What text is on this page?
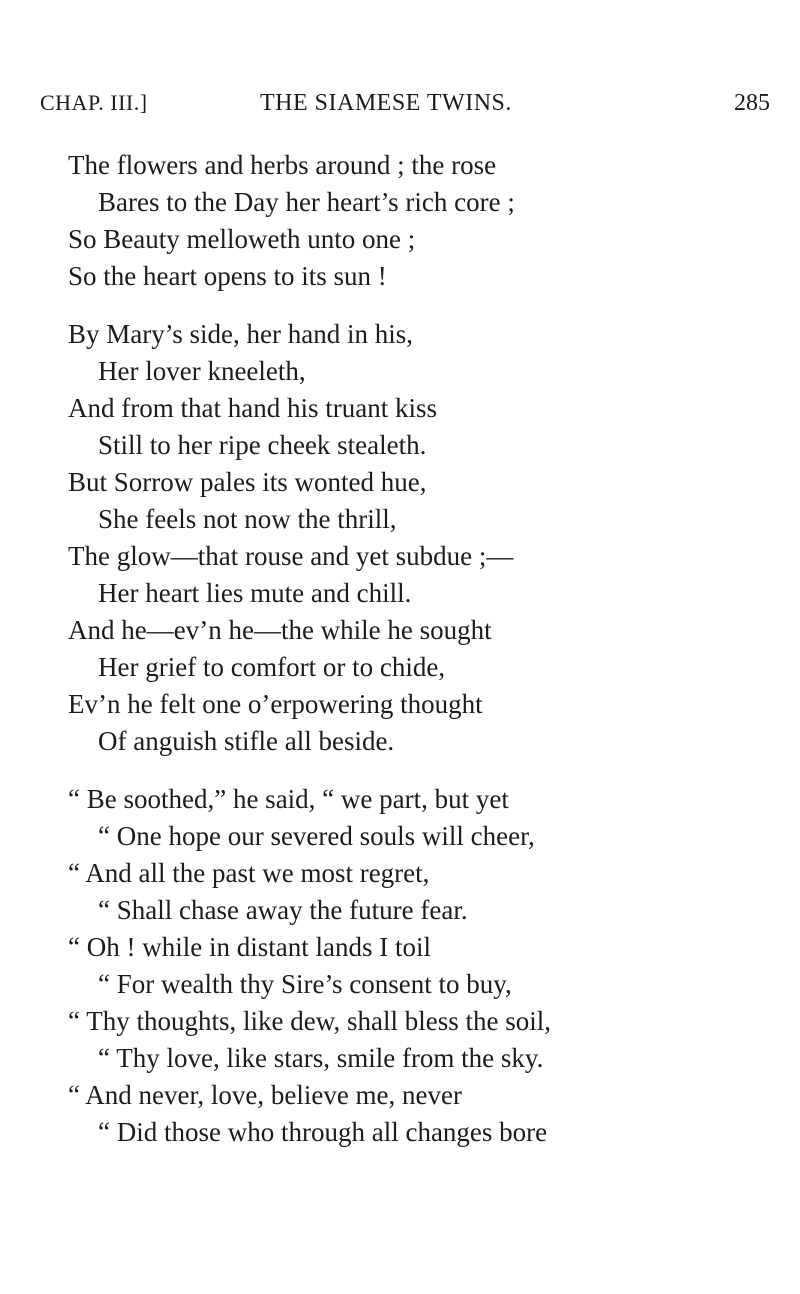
CHAP. III.]	THE SIAMESE TWINS.	285
The flowers and herbs around ; the rose
Bares to the Day her heart’s rich core ;
So Beauty melloweth unto one ;
So the heart opens to its sun !
By Mary’s side, her hand in his,
Her lover kneeleth,
And from that hand his truant kiss
Still to her ripe cheek stealeth.
But Sorrow pales its wonted hue,
She feels not now the thrill,
The glow—that rouse and yet subdue ;—
Her heart lies mute and chill.
And he—ev’n he—the while he sought
Her grief to comfort or to chide,
Ev’n he felt one o’erpowering thought
Of anguish stifle all beside.
“ Be soothed,” he said, “ we part, but yet
“ One hope our severed souls will cheer,
“ And all the past we most regret,
“ Shall chase away the future fear.
“ Oh ! while in distant lands I toil
“ For wealth thy Sire’s consent to buy,
“ Thy thoughts, like dew, shall bless the soil,
“ Thy love, like stars, smile from the sky.
“ And never, love, believe me, never
“ Did those who through all changes bore
